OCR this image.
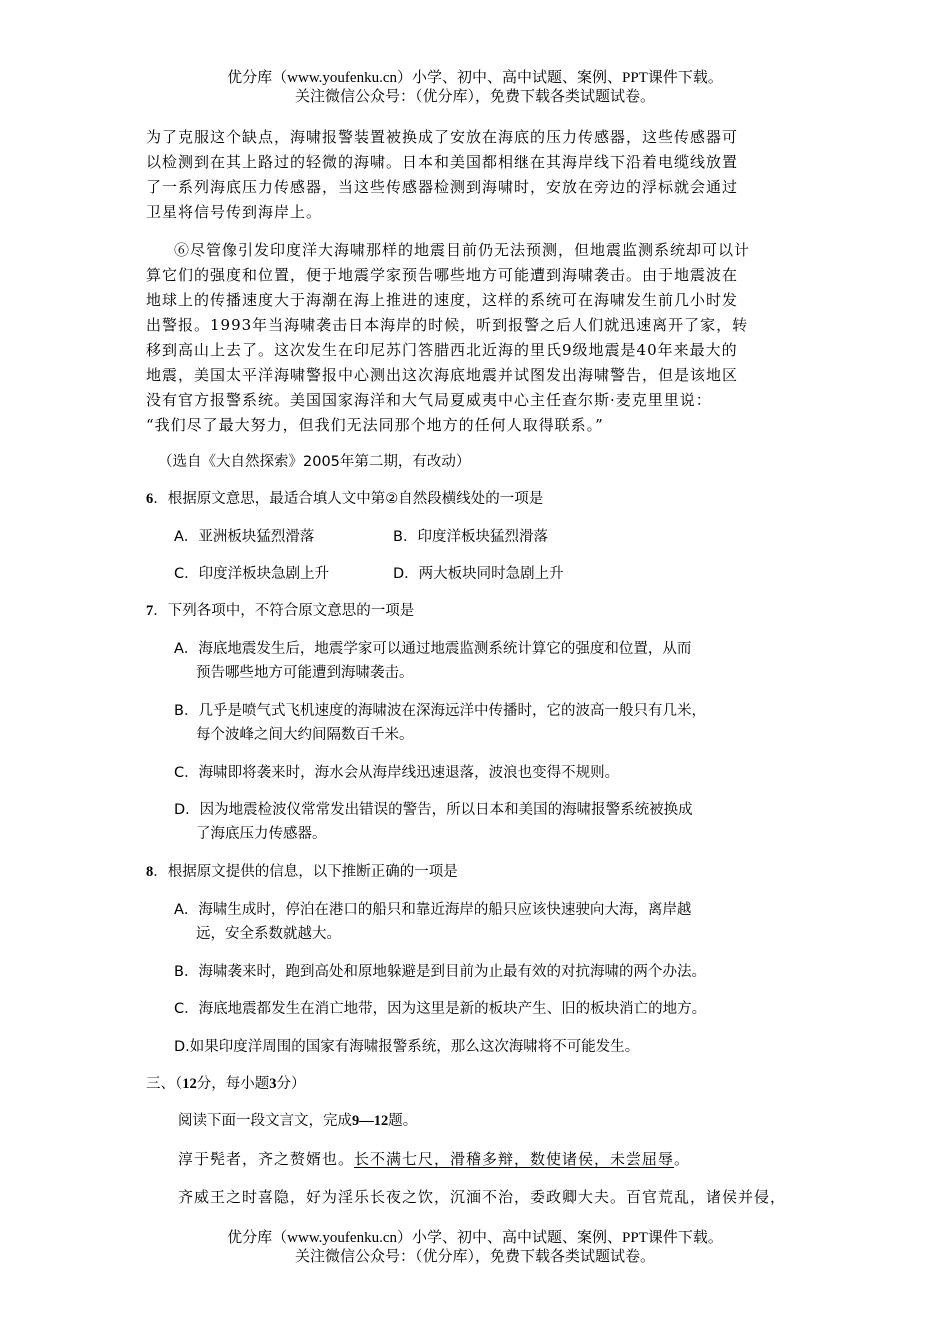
优分库（www.youfenku.cn）小学、初中、高中试题、案例、PPT课件下载。
关注微信公众号：（优分库），免费下载各类试题试卷。
为了克服这个缺点，海啸报警装置被换成了安放在海底的压力传感器，这些传感器可
以检测到在其上路过的轻微的海啸。日本和美国都相继在其海岸线下沿着电缆线放置
了一系列海底压力传感器，当这些传感器检测到海啸时，安放在旁边的浮标就会通过
卫星将信号传到海岸上。
⑥尽管像引发印度洋大海啸那样的地震目前仍无法预测，但地震监测系统却可以计
算它们的强度和位置，便于地震学家预告哪些地方可能遭到海啸袭击。由于地震波在
地球上的传播速度大于海潮在海上推进的速度，这样的系统可在海啸发生前几小时发
出警报。1993年当海啸袭击日本海岸的时候，听到报警之后人们就迅速离开了家，转
移到高山上去了。这次发生在印尼苏门答腊西北近海的里氏9级地震是40年来最大的
地震，美国太平洋海啸警报中心测出这次海底地震并试图发出海啸警告，但是该地区
没有官方报警系统。美国国家海洋和大气局夏威夷中心主任查尔斯·麦克里里说：
“我们尽了最大努力，但我们无法同那个地方的任何人取得联系。”
（选自《大自然探索》2005年第二期，有改动）
6．根据原文意思，最适合填人文中第②自然段横线处的一项是
A．亚洲板块猛烈滑落	B．印度洋板块猛烈滑落
C．印度洋板块急剧上升	D．两大板块同时急剧上升
7．下列各项中，不符合原文意思的一项是
A．海底地震发生后，地震学家可以通过地震监测系统计算它的强度和位置，从而
预告哪些地方可能遭到海啸袭击。
B．几乎是喷气式飞机速度的海啸波在深海远洋中传播时，它的波高一般只有几米，
每个波峰之间大约间隔数百千米。
C．海啸即将袭来时，海水会从海岸线迅速退落，波浪也变得不规则。
D．因为地震检波仪常常发出错误的警告，所以日本和美国的海啸报警系统被换成
了海底压力传感器。
8．根据原文提供的信息，以下推断正确的一项是
A．海啸生成时，停泊在港口的船只和靠近海岸的船只应该快速驶向大海，离岸越
远，安全系数就越大。
B．海啸袭来时，跑到高处和原地躲避是到目前为止最有效的对抗海啸的两个办法。
C．海底地震都发生在消亡地带，因为这里是新的板块产生、旧的板块消亡的地方。
D.如果印度洋周围的国家有海啸报警系统，那么这次海啸将不可能发生。
三、（12分，每小题3分）
阅读下面一段文言文，完成9—12题。
淳于髡者，齐之赘婿也。长不满七尺，滑稽多辩，数使诸侯，未尝屈辱。
齐威王之时喜隐，好为淫乐长夜之饮，沉湎不治，委政卿大夫。百官荒乱，诸侯并侵，
优分库（www.youfenku.cn）小学、初中、高中试题、案例、PPT课件下载。
关注微信公众号：（优分库），免费下载各类试题试卷。
